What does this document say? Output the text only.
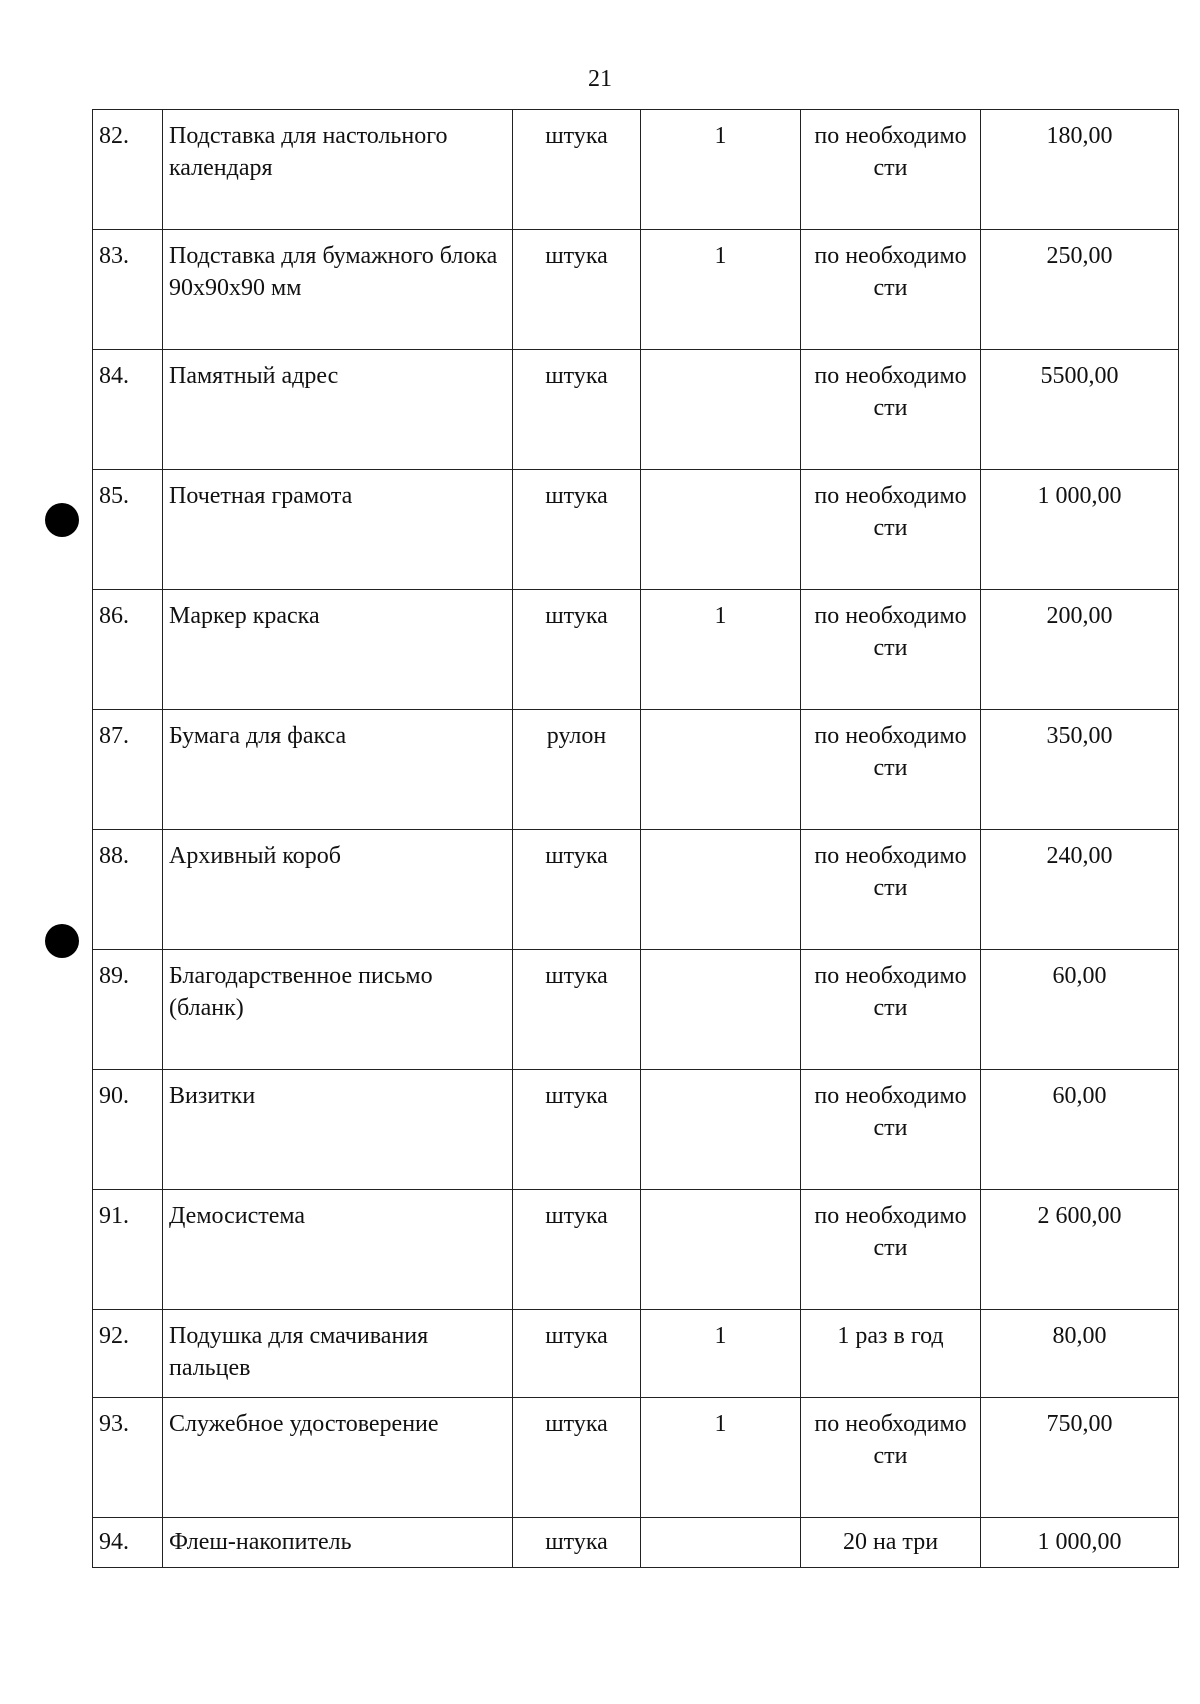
21
82.	Подставка для настольного календаря	штука	1	по необходимости	180,00
83.	Подставка для бумажного блока 90х90х90 мм	штука	1	по необходимости	250,00
84.	Памятный адрес	штука		по необходимости	5500,00
85.	Почетная грамота	штука		по необходимости	1 000,00
86.	Маркер краска	штука	1	по необходимости	200,00
87.	Бумага для факса	рулон		по необходимости	350,00
88.	Архивный короб	штука		по необходимости	240,00
89.	Благодарственное письмо (бланк)	штука		по необходимости	60,00
90.	Визитки	штука		по необходимости	60,00
91.	Демосистема	штука		по необходимости	2 600,00
92.	Подушка для смачивания пальцев	штука	1	1 раз в год	80,00
93.	Служебное удостоверение	штука	1	по необходимости	750,00
94.	Флеш-накопитель	штука		20 на три	1 000,00
